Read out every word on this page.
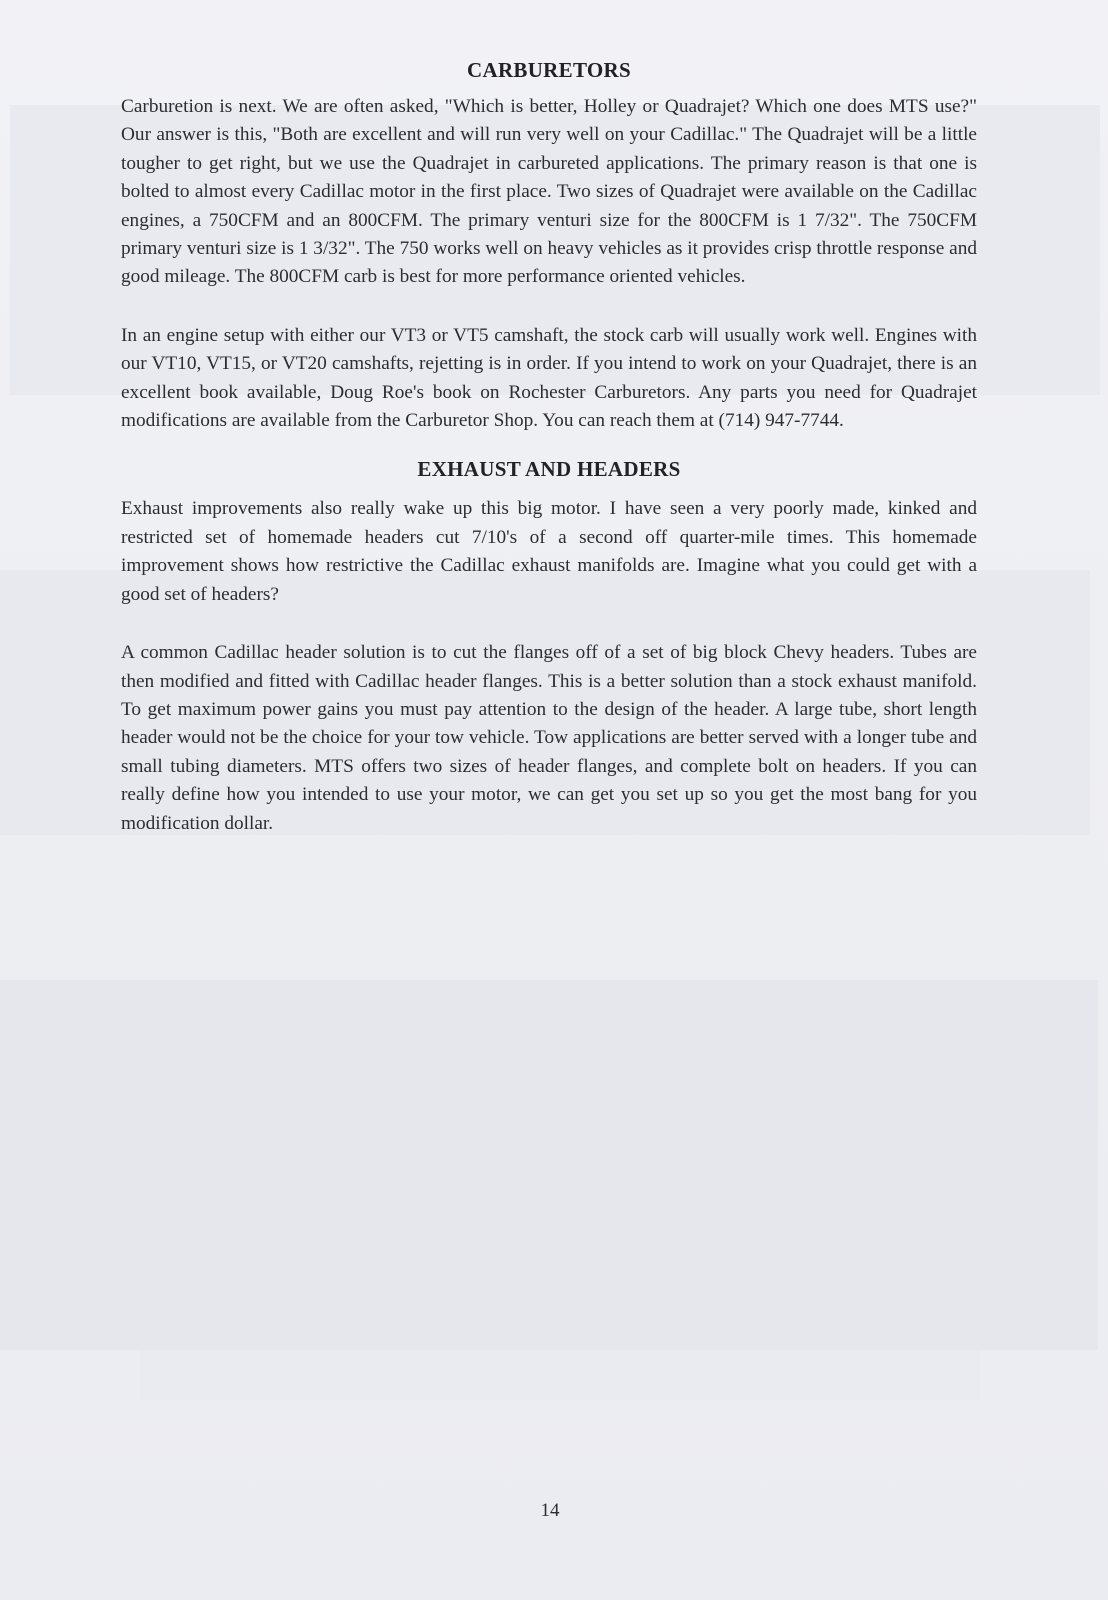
CARBURETORS

Carburetion is next. We are often asked, "Which is better, Holley or Quadrajet? Which one does MTS use?" Our answer is this, "Both are excellent and will run very well on your Cadillac." The Quadrajet will be a little tougher to get right, but we use the Quadrajet in carbureted applications. The primary reason is that one is bolted to almost every Cadillac motor in the first place. Two sizes of Quadrajet were available on the Cadillac engines, a 750CFM and an 800CFM. The primary venturi size for the 800CFM is 1 7/32". The 750CFM primary venturi size is 1 3/32". The 750 works well on heavy vehicles as it provides crisp throttle response and good mileage. The 800CFM carb is best for more performance oriented vehicles.

In an engine setup with either our VT3 or VT5 camshaft, the stock carb will usually work well. Engines with our VT10, VT15, or VT20 camshafts, rejetting is in order. If you intend to work on your Quadrajet, there is an excellent book available, Doug Roe's book on Rochester Carburetors. Any parts you need for Quadrajet modifications are available from the Carburetor Shop. You can reach them at (714) 947-7744.

EXHAUST AND HEADERS

Exhaust improvements also really wake up this big motor. I have seen a very poorly made, kinked and restricted set of homemade headers cut 7/10's of a second off quarter-mile times. This homemade improvement shows how restrictive the Cadillac exhaust manifolds are. Imagine what you could get with a good set of headers?

A common Cadillac header solution is to cut the flanges off of a set of big block Chevy headers. Tubes are then modified and fitted with Cadillac header flanges. This is a better solution than a stock exhaust manifold. To get maximum power gains you must pay attention to the design of the header. A large tube, short length header would not be the choice for your tow vehicle. Tow applications are better served with a longer tube and small tubing diameters. MTS offers two sizes of header flanges, and complete bolt on headers. If you can really define how you intended to use your motor, we can get you set up so you get the most bang for you modification dollar.

14
